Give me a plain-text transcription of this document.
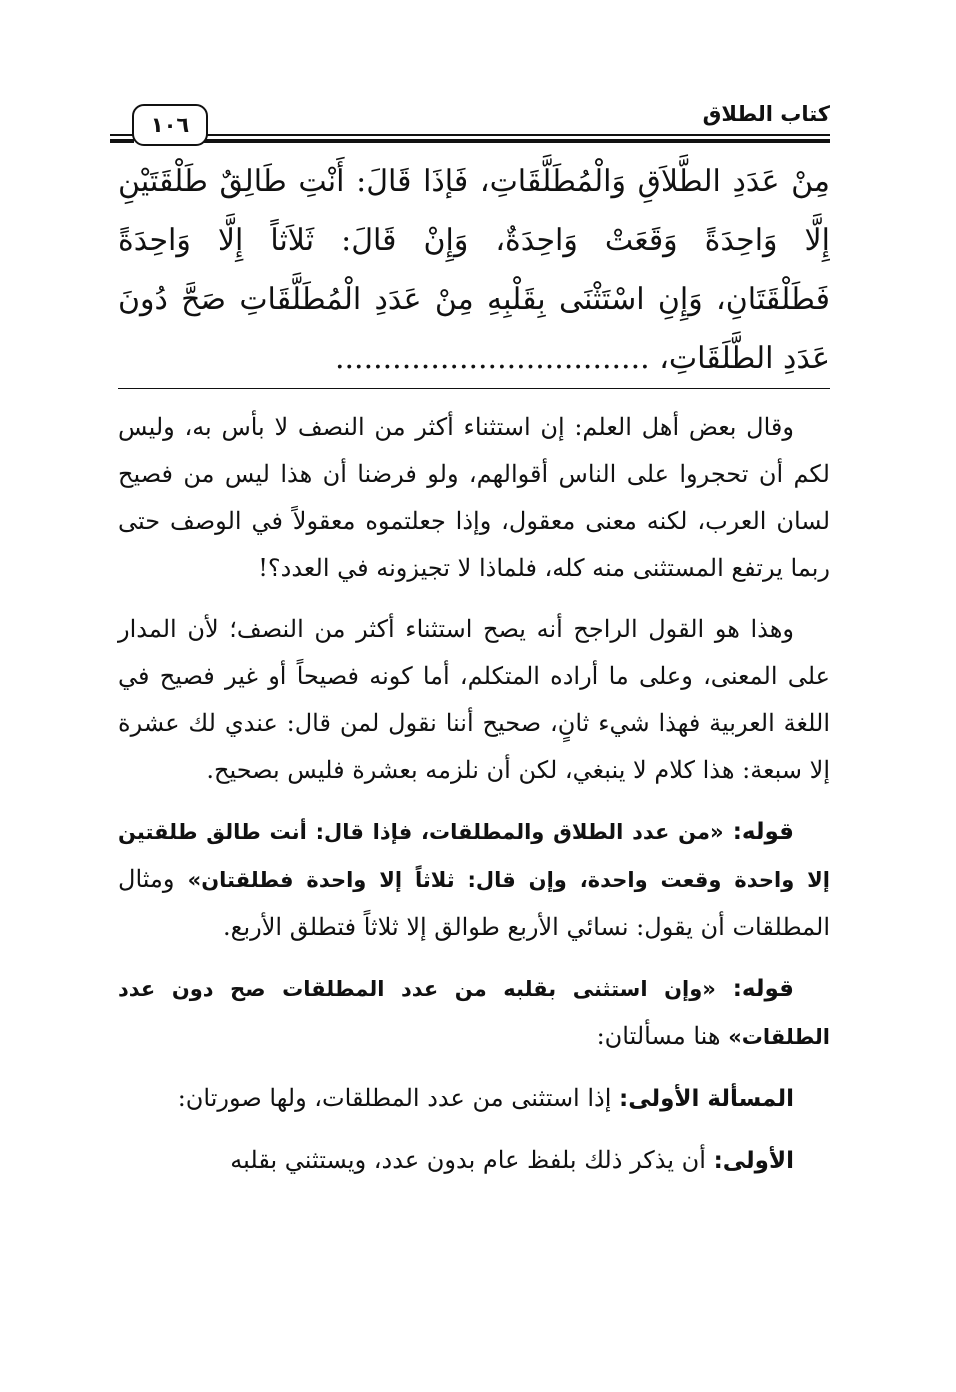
كتاب الطلاق
١٠٦
مِنْ عَدَدِ الطَّلاَقِ وَالْمُطَلَّقَاتِ، فَإذَا قَالَ: أَنْتِ طَالِقٌ طَلْقَتَيْنِ
إِلَّا وَاحِدَةً وَقَعَتْ وَاحِدَةٌ، وَإِنْ قَالَ: ثَلاَثاً إِلَّا وَاحِدَةً
فَطَلْقَتَانِ، وَإِنِ اسْتَثْنَى بِقَلْبِهِ مِنْ عَدَدِ الْمُطَلَّقَاتِ صَحَّ دُونَ
عَدَدِ الطَّلَقَاتِ، .................................

وقال بعض أهل العلم: إن استثناء أكثر من النصف لا بأس به، وليس لكم أن تحجروا على الناس أقوالهم، ولو فرضنا أن هذا ليس من فصيح لسان العرب، لكنه معنى معقول، وإذا جعلتموه معقولاً في الوصف حتى ربما يرتفع المستثنى منه كله، فلماذا لا تجيزونه في العدد؟!

وهذا هو القول الراجح أنه يصح استثناء أكثر من النصف؛ لأن المدار على المعنى، وعلى ما أراده المتكلم، أما كونه فصيحاً أو غير فصيح في اللغة العربية فهذا شيء ثانٍ، صحيح أننا نقول لمن قال: عندي لك عشرة إلا سبعة: هذا كلام لا ينبغي، لكن أن نلزمه بعشرة فليس بصحيح.

قوله: «من عدد الطلاق والمطلقات، فإذا قال: أنت طالق طلقتين إلا واحدة وقعت واحدة، وإن قال: ثلاثاً إلا واحدة فطلقتان» ومثال المطلقات أن يقول: نسائي الأربع طوالق إلا ثلاثاً فتطلق الأربع.

قوله: «وإن استثنى بقلبه من عدد المطلقات صح دون عدد الطلقات» هنا مسألتان:

المسألة الأولى: إذا استثنى من عدد المطلقات، ولها صورتان:

الأولى: أن يذكر ذلك بلفظ عام بدون عدد، ويستثني بقلبه
